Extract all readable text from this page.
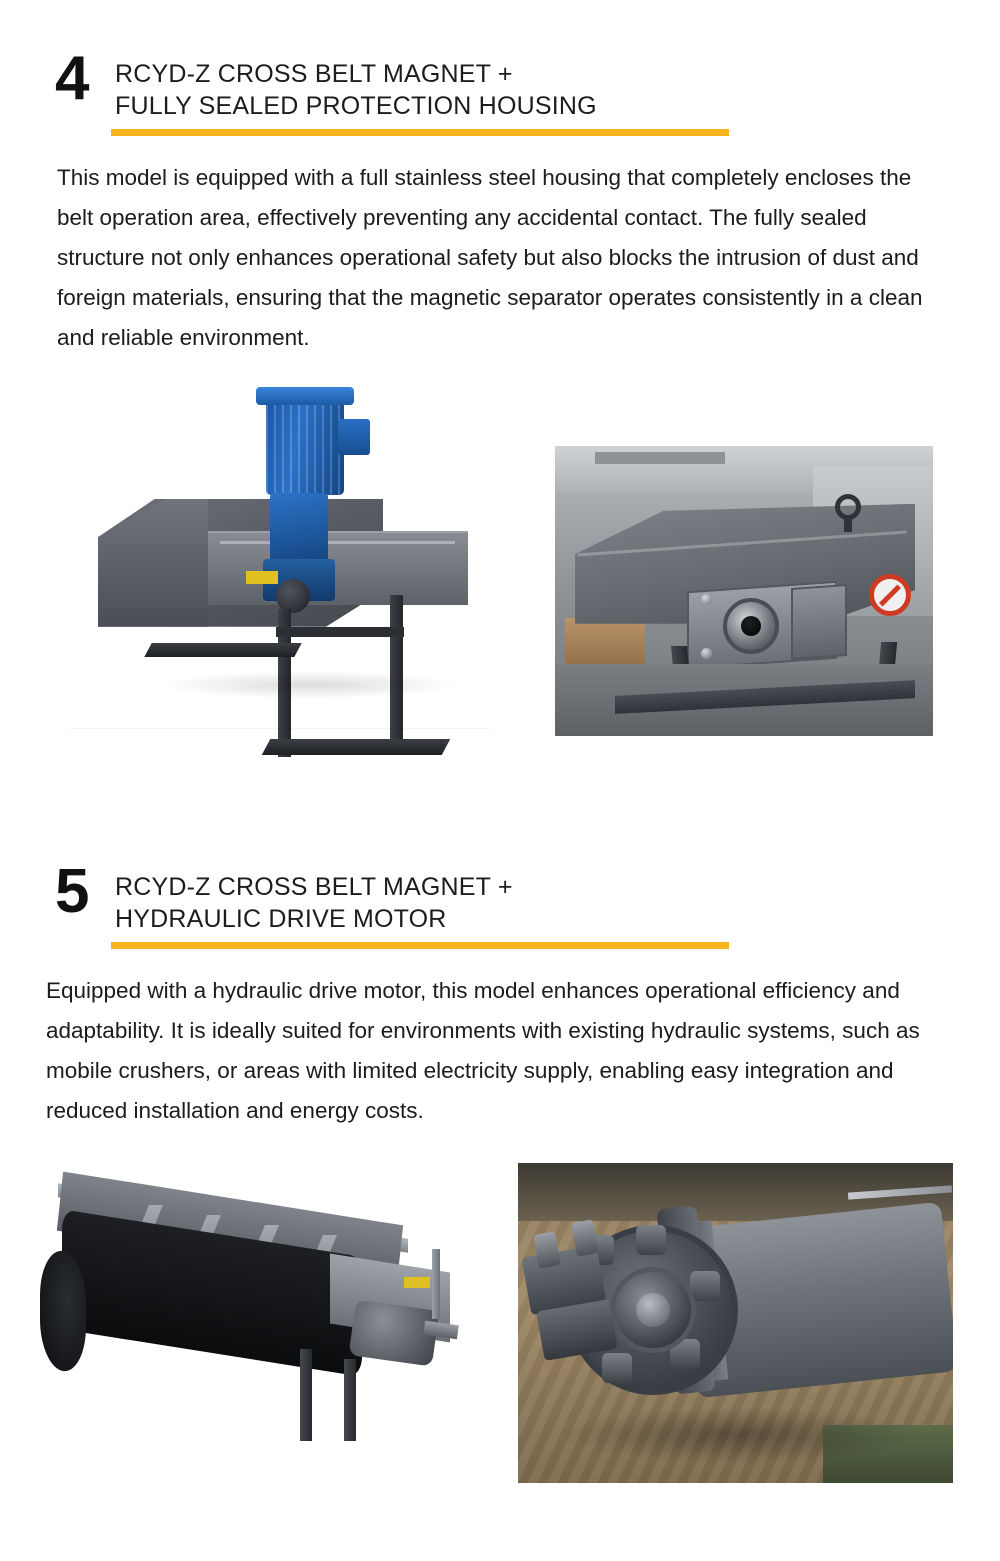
4	RCYD-Z CROSS BELT MAGNET +
FULLY SEALED PROTECTION HOUSING

This model is equipped with a full stainless steel housing that completely encloses the belt operation area, effectively preventing any accidental contact. The fully sealed structure not only enhances operational safety but also blocks the intrusion of dust and foreign materials, ensuring that the magnetic separator operates consistently in a clean and reliable environment.

5	RCYD-Z CROSS BELT MAGNET +
HYDRAULIC DRIVE MOTOR

Equipped with a hydraulic drive motor, this model enhances operational efficiency and adaptability. It is ideally suited for environments with existing hydraulic systems, such as mobile crushers, or areas with limited electricity supply, enabling easy integration and reduced installation and energy costs.
